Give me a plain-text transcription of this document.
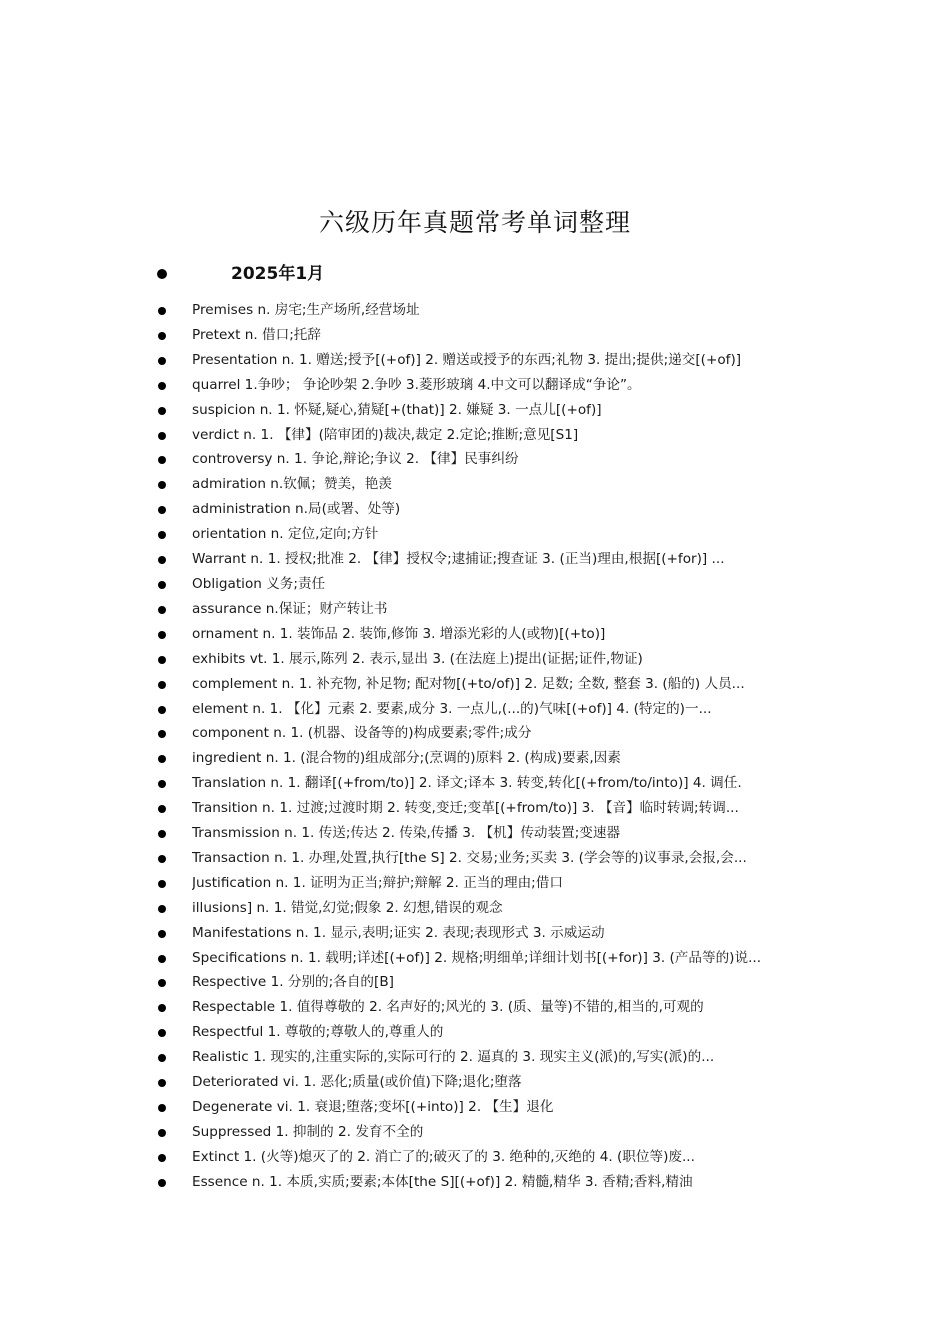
六级历年真题常考单词整理
2025年1月
Premises n. 房宅;生产场所,经营场址
Pretext n. 借口;托辞
Presentation n. 1. 赠送;授予[(+of)] 2. 赠送或授予的东西;礼物 3. 提出;提供;递交[(+of)]
quarrel 1.争吵； 争论吵架 2.争吵 3.菱形玻璃 4.中文可以翻译成“争论”。
suspicion n. 1. 怀疑,疑心,猜疑[+(that)] 2. 嫌疑 3. 一点儿[(+of)]
verdict n. 1. 【律】(陪审团的)裁决,裁定 2.定论;推断;意见[S1]
controversy n. 1. 争论,辩论;争议 2. 【律】民事纠纷
admiration n.钦佩；赞美，艳羡
administration n.局(或署、处等)
orientation n. 定位,定向;方针
Warrant n. 1. 授权;批准 2. 【律】授权令;逮捕证;搜查证 3. (正当)理由,根据[(+for)] ...
Obligation 义务;责任
assurance n.保证；财产转让书
ornament n. 1. 装饰品 2. 装饰,修饰 3. 增添光彩的人(或物)[(+to)]
exhibits vt. 1. 展示,陈列 2. 表示,显出 3. (在法庭上)提出(证据;证件,物证)
complement n. 1. 补充物, 补足物; 配对物[(+to/of)] 2. 足数; 全数, 整套 3. (船的) 人员...
element n. 1. 【化】元素 2. 要素,成分 3. 一点儿,(...的)气味[(+of)] 4. (特定的)一...
component n. 1. (机器、设备等的)构成要素;零件;成分
ingredient n. 1. (混合物的)组成部分;(烹调的)原料 2. (构成)要素,因素
Translation n. 1. 翻译[(+from/to)] 2. 译文;译本 3. 转变,转化[(+from/to/into)] 4. 调任.
Transition n. 1. 过渡;过渡时期 2. 转变,变迁;变革[(+from/to)] 3. 【音】临时转调;转调...
Transmission n. 1. 传送;传达 2. 传染,传播 3. 【机】传动装置;变速器
Transaction n. 1. 办理,处置,执行[the S] 2. 交易;业务;买卖 3. (学会等的)议事录,会报,会...
Justification n. 1. 证明为正当;辩护;辩解 2. 正当的理由;借口
illusions] n. 1. 错觉,幻觉;假象 2. 幻想,错误的观念
Manifestations n. 1. 显示,表明;证实 2. 表现;表现形式 3. 示威运动
Specifications n. 1. 载明;详述[(+of)] 2. 规格;明细单;详细计划书[(+for)] 3. (产品等的)说...
Respective 1. 分别的;各自的[B]
Respectable 1. 值得尊敬的 2. 名声好的;风光的 3. (质、量等)不错的,相当的,可观的
Respectful 1. 尊敬的;尊敬人的,尊重人的
Realistic 1. 现实的,注重实际的,实际可行的 2. 逼真的 3. 现实主义(派)的,写实(派)的...
Deteriorated vi. 1. 恶化;质量(或价值)下降;退化;堕落
Degenerate vi. 1. 衰退;堕落;变坏[(+into)] 2. 【生】退化
Suppressed 1. 抑制的 2. 发育不全的
Extinct 1. (火等)熄灭了的 2. 消亡了的;破灭了的 3. 绝种的,灭绝的 4. (职位等)废...
Essence n. 1. 本质,实质;要素;本体[the S][(+of)] 2. 精髓,精华 3. 香精;香料,精油
